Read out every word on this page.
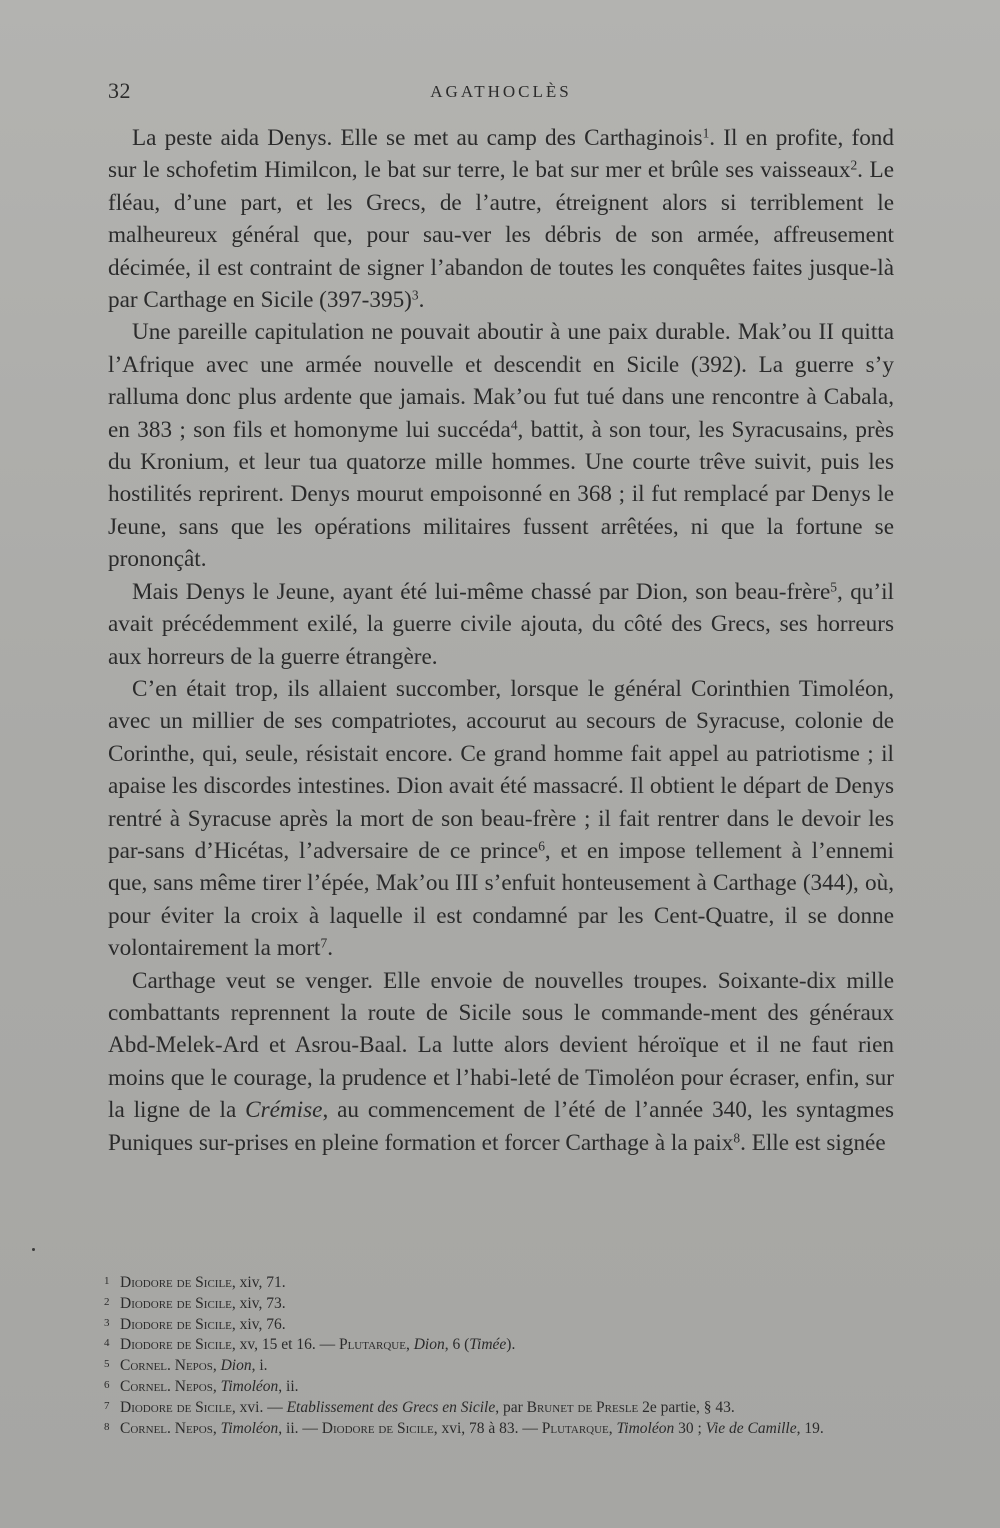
32	AGATHOCLÈS

La peste aida Denys. Elle se met au camp des Carthaginois$^1$. Il en profite, fond sur le schofetim Himilcon, le bat sur terre, le bat sur mer et brûle ses vaisseaux$^2$. Le fléau, d’une part, et les Grecs, de l’autre, étreignent alors si terriblement le malheureux général que, pour sau-ver les débris de son armée, affreusement décimée, il est contraint de signer l’abandon de toutes les conquêtes faites jusque-là par Carthage en Sicile $(397-395)^3$.

Une pareille capitulation ne pouvait aboutir à une paix durable. Mak’ou II quitta l’Afrique avec une armée nouvelle et descendit en Sicile (392). La guerre s’y ralluma donc plus ardente que jamais. Mak’ou fut tué dans une rencontre à Cabala, en 383 ; son fils et homonyme lui succéda$^4$, battit, à son tour, les Syracusains, près du Kronium, et leur tua quatorze mille hommes. Une courte trêve suivit, puis les hostilités reprirent. Denys mourut empoisonné en 368 ; il fut remplacé par Denys le Jeune, sans que les opérations militaires fussent arrêtées, ni que la fortune se prononçât.

Mais Denys le Jeune, ayant été lui-même chassé par Dion, son beau-frère$^5$, qu’il avait précédemment exilé, la guerre civile ajouta, du côté des Grecs, ses horreurs aux horreurs de la guerre étrangère.

C’en était trop, ils allaient succomber, lorsque le général Corinthien Timoléon, avec un millier de ses compatriotes, accourut au secours de Syracuse, colonie de Corinthe, qui, seule, résistait encore. Ce grand homme fait appel au patriotisme ; il apaise les discordes intestines. Dion avait été massacré. Il obtient le départ de Denys rentré à Syracuse après la mort de son beau-frère ; il fait rentrer dans le devoir les par-sans d’Hicétas, l’adversaire de ce prince$^6$, et en impose tellement à l’ennemi que, sans même tirer l’épée, Mak’ou III s’enfuit honteusement à Carthage (344), où, pour éviter la croix à laquelle il est condamné par les Cent-Quatre, il se donne volontairement la mort$^7$.

Carthage veut se venger. Elle envoie de nouvelles troupes. Soixante-dix mille combattants reprennent la route de Sicile sous le commande-ment des généraux Abd-Melek-Ard et Asrou-Baal. La lutte alors devient héroïque et il ne faut rien moins que le courage, la prudence et l’habi-leté de Timoléon pour écraser, enfin, sur la ligne de la Crémise, au commencement de l’été de l’année 340, les syntagmes Puniques sur-prises en pleine formation et forcer Carthage à la paix$^8$. Elle est signée

1 Diodore de Sicile, xiv, 71.

2 Diodore de Sicile, xiv, 73.

3 Diodore de Sicile, xiv, 76.

4 Diodore de Sicile, xv, 15 et 16. — Plutarque, Dion, 6 (Timée).

5 Cornel. Nepos, Dion, i.

6 Cornel. Nepos, Timoléon, ii.

7 Diodore de Sicile, xvi. — Etablissement des Grecs en Sicile, par Brunet de Presle 2e partie, § 43.

8 Cornel. Nepos, Timoléon, ii. — Diodore de Sicile, xvi, 78 à 83. — Plutarque, Timoléon 30 ; Vie de Camille, 19.
